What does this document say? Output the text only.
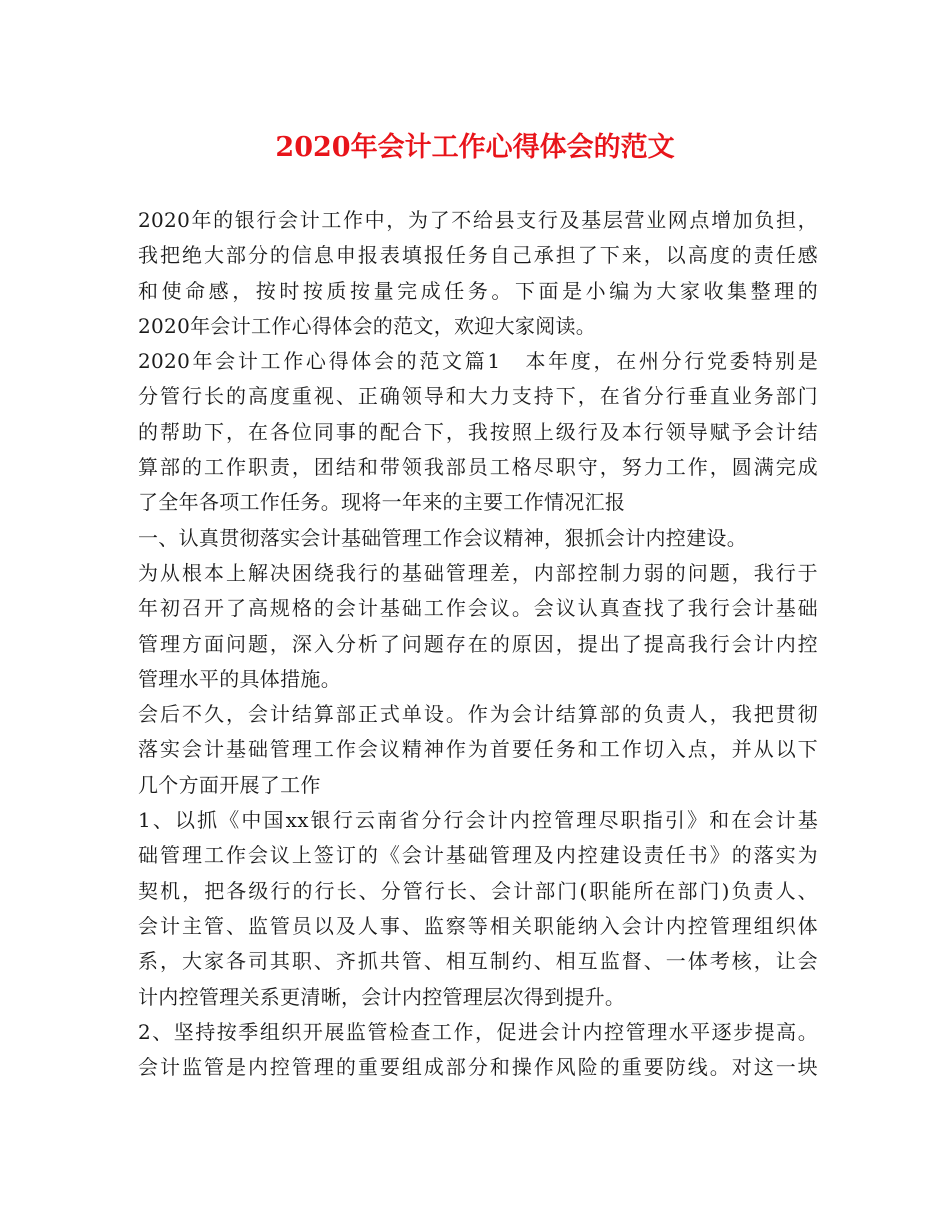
2020年会计工作心得体会的范文
2020年的银行会计工作中，为了不给县支行及基层营业网点增加负担，
我把绝大部分的信息申报表填报任务自己承担了下来，以高度的责任感
和使命感，按时按质按量完成任务。下面是小编为大家收集整理的
2020年会计工作心得体会的范文，欢迎大家阅读。
2020年会计工作心得体会的范文篇1　本年度，在州分行党委特别是
分管行长的高度重视、正确领导和大力支持下，在省分行垂直业务部门
的帮助下，在各位同事的配合下，我按照上级行及本行领导赋予会计结
算部的工作职责，团结和带领我部员工格尽职守，努力工作，圆满完成
了全年各项工作任务。现将一年来的主要工作情况汇报
一、认真贯彻落实会计基础管理工作会议精神，狠抓会计内控建设。
为从根本上解决困绕我行的基础管理差，内部控制力弱的问题，我行于
年初召开了高规格的会计基础工作会议。会议认真查找了我行会计基础
管理方面问题，深入分析了问题存在的原因，提出了提高我行会计内控
管理水平的具体措施。
会后不久，会计结算部正式单设。作为会计结算部的负责人，我把贯彻
落实会计基础管理工作会议精神作为首要任务和工作切入点，并从以下
几个方面开展了工作
1、以抓《中国xx银行云南省分行会计内控管理尽职指引》和在会计基
础管理工作会议上签订的《会计基础管理及内控建设责任书》的落实为
契机，把各级行的行长、分管行长、会计部门(职能所在部门)负责人、
会计主管、监管员以及人事、监察等相关职能纳入会计内控管理组织体
系，大家各司其职、齐抓共管、相互制约、相互监督、一体考核，让会
计内控管理关系更清晰，会计内控管理层次得到提升。
2、坚持按季组织开展监管检查工作，促进会计内控管理水平逐步提高。
会计监管是内控管理的重要组成部分和操作风险的重要防线。对这一块
